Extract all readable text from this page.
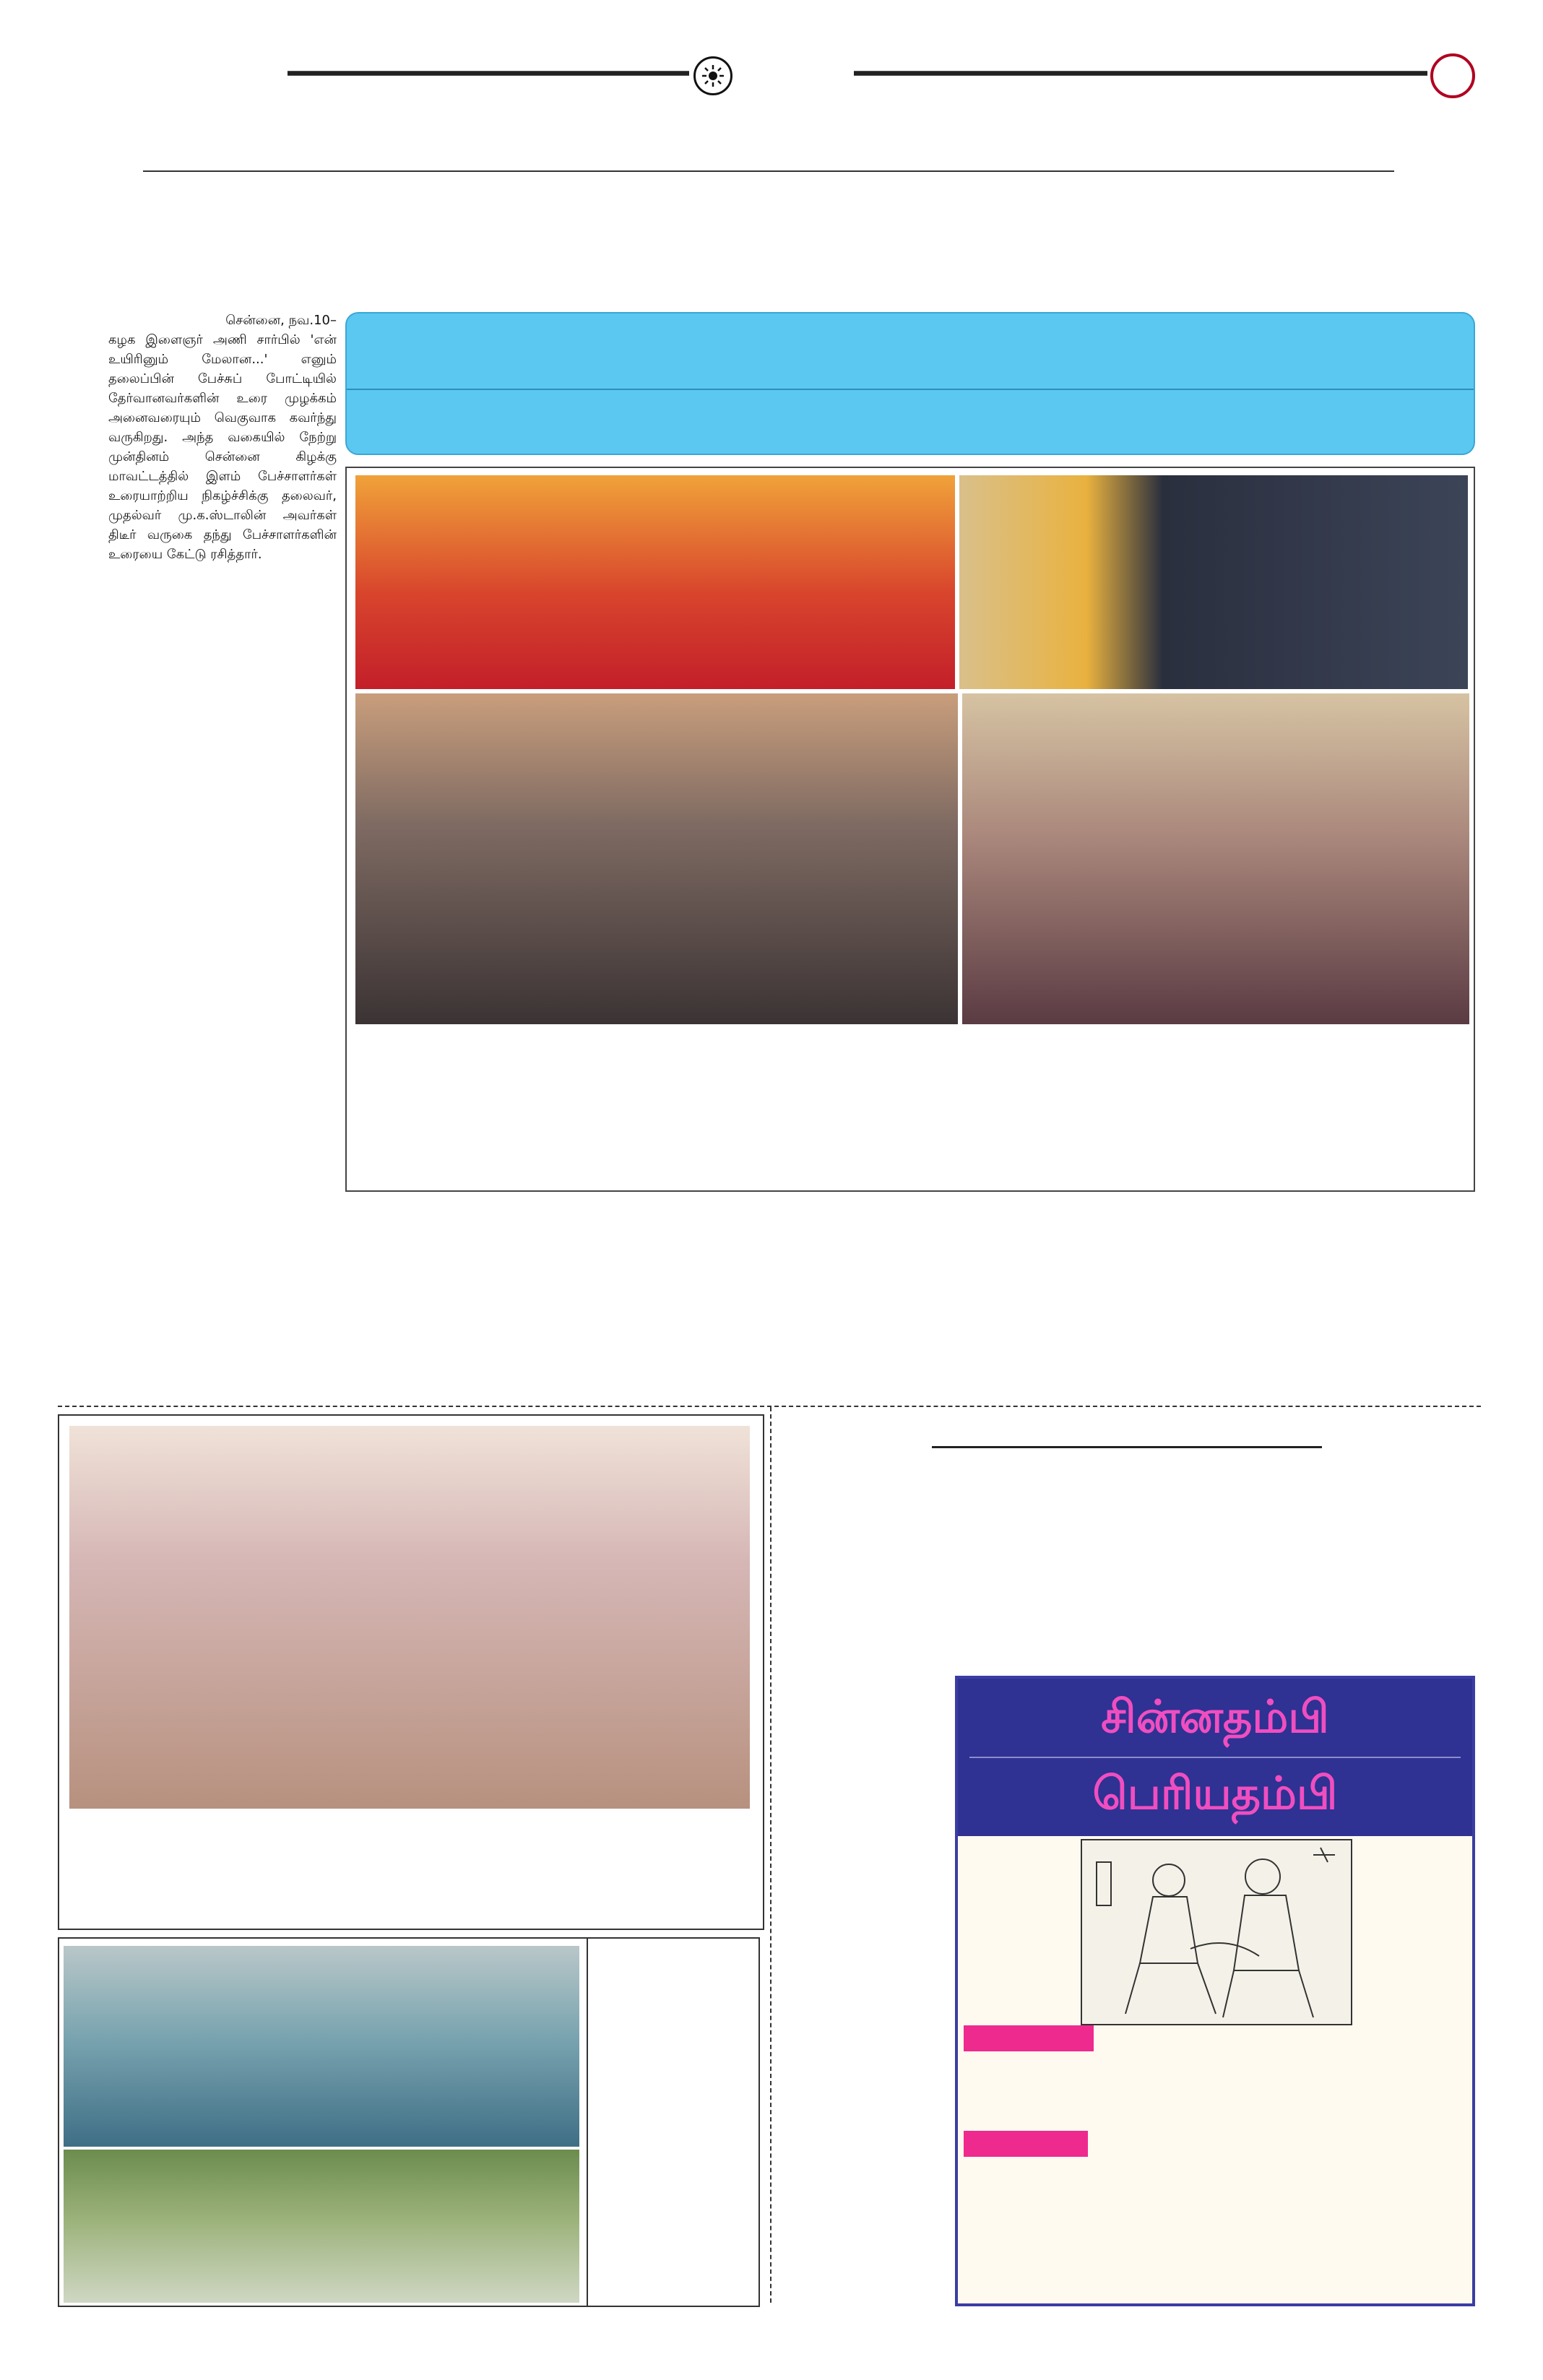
சென்னை, நவ.10–
கழக இளைஞர் அணி சார்பில் 'என் உயிரினும் மேலான...' எனும் தலைப்பின் பேச்சுப் போட்டியில் தேர்வானவர்களின் உரை முழக்கம் அனைவரையும் வெகுவாக கவர்ந்து வருகிறது. அந்த வகையில் நேற்று முன்தினம் சென்னை கிழக்கு மாவட்டத்தில் இளம் பேச்சாளர்கள் உரையாற்றிய நிகழ்ச்சிக்கு தலைவர், முதல்வர் மு.க.ஸ்டாலின் அவர்கள் திடீர் வருகை தந்து பேச்சாளர்களின் உரையை கேட்டு ரசித்தார்.
சின்னதம்பி
பெரியதம்பி
